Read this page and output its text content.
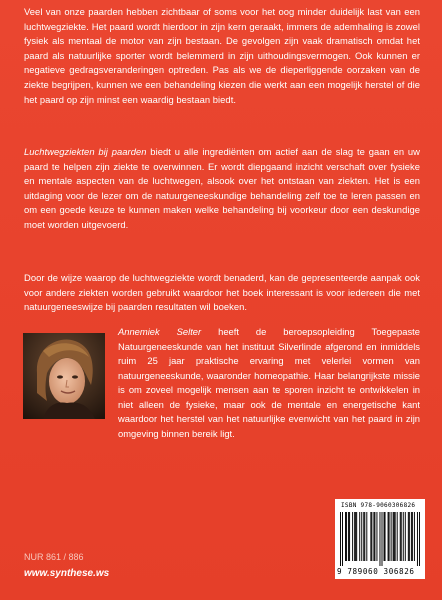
Veel van onze paarden hebben zichtbaar of soms voor het oog minder duidelijk last van een luchtwegziekte. Het paard wordt hierdoor in zijn kern geraakt, immers de ademhaling is zowel fysiek als mentaal de motor van zijn bestaan. De gevolgen zijn vaak dramatisch omdat het paard als natuurlijke sporter wordt belemmerd in zijn uithoudingsvermogen. Ook kunnen er negatieve gedragsveranderingen optreden. Pas als we de dieperliggende oorzaken van de ziekte begrijpen, kunnen we een behandeling kiezen die werkt aan een mogelijk herstel of die het paard op zijn minst een waardig bestaan biedt.

Luchtwegziekten bij paarden biedt u alle ingrediënten om actief aan de slag te gaan en uw paard te helpen zijn ziekte te overwinnen. Er wordt diepgaand inzicht verschaft over fysieke en mentale aspecten van de luchtwegen, alsook over het ontstaan van ziekten. Het is een uitdaging voor de lezer om de natuurgeneeskundige behandeling zelf toe te leren passen en om een goede keuze te kunnen maken welke behandeling bij voorkeur door een deskundige moet worden uitgevoerd.

Door de wijze waarop de luchtwegziekte wordt benaderd, kan de gepresenteerde aanpak ook voor andere ziekten worden gebruikt waardoor het boek interessant is voor iedereen die met natuurgeneeswijze bij paarden resultaten wil boeken.

Annemiek Selter heeft de beroepsopleiding Toegepaste Natuurgeneeskunde van het instituut Silverlinde afgerond en inmiddels ruim 25 jaar praktische ervaring met velerlei vormen van natuurgeneeskunde, waaronder homeopathie. Haar belangrijkste missie is om zoveel mogelijk mensen aan te sporen inzicht te ontwikkelen in niet alleen de fysieke, maar ook de mentale en energetische kant waardoor het herstel van het natuurlijke evenwicht van het paard in zijn omgeving binnen bereik ligt.

ISBN 978-9060306826
9 789060 306826

NUR 861 / 886

www.synthese.ws
